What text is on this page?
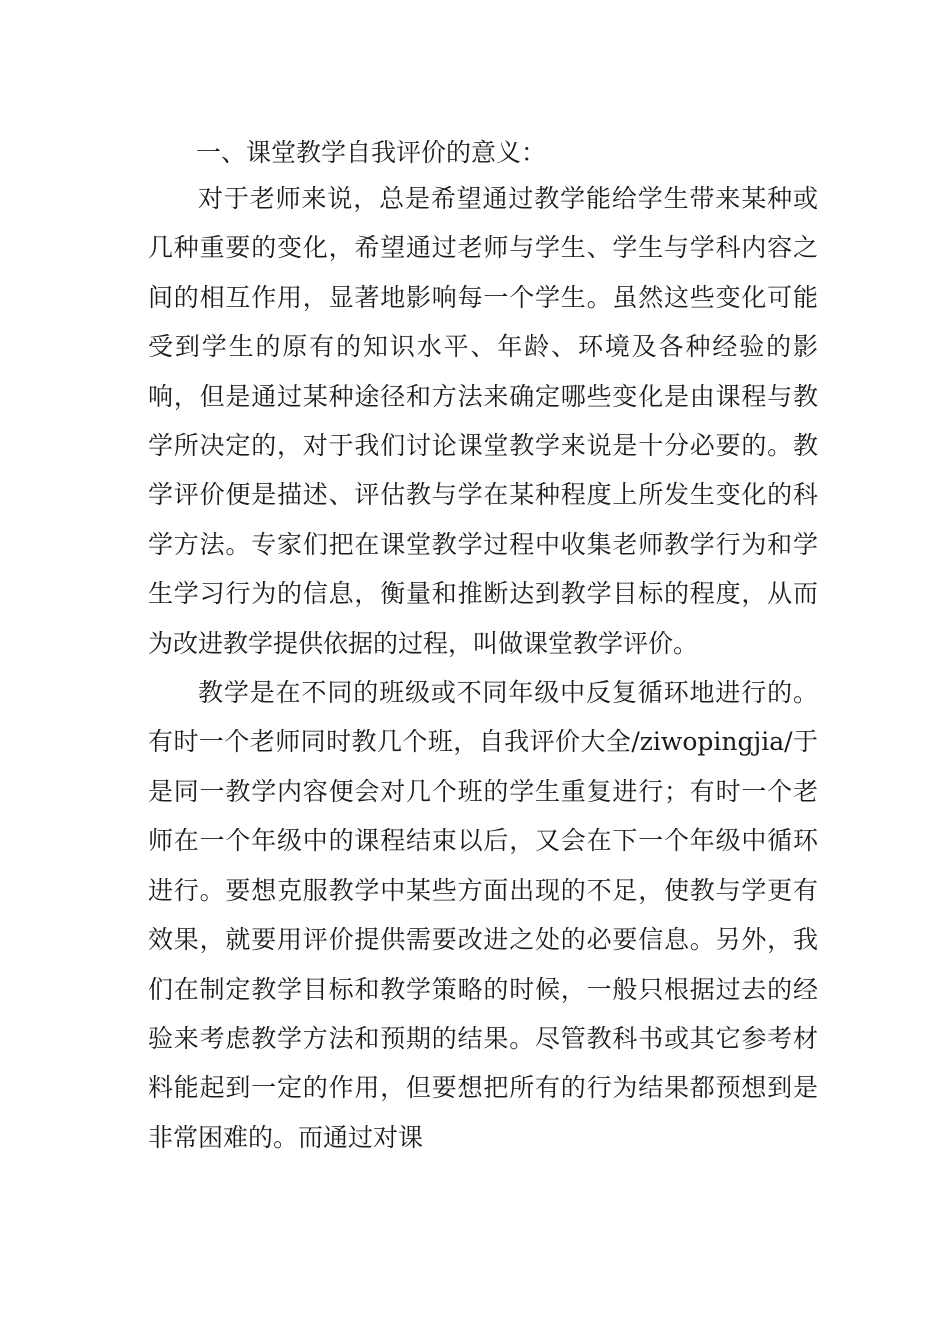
一、课堂教学自我评价的意义：

对于老师来说，总是希望通过教学能给学生带来某种或几种重要的变化，希望通过老师与学生、学生与学科内容之间的相互作用，显著地影响每一个学生。虽然这些变化可能受到学生的原有的知识水平、年龄、环境及各种经验的影响，但是通过某种途径和方法来确定哪些变化是由课程与教学所决定的，对于我们讨论课堂教学来说是十分必要的。教学评价便是描述、评估教与学在某种程度上所发生变化的科学方法。专家们把在课堂教学过程中收集老师教学行为和学生学习行为的信息，衡量和推断达到教学目标的程度，从而为改进教学提供依据的过程，叫做课堂教学评价。

教学是在不同的班级或不同年级中反复循环地进行的。有时一个老师同时教几个班，自我评价大全/ziwopingjia/于是同一教学内容便会对几个班的学生重复进行；有时一个老师在一个年级中的课程结束以后，又会在下一个年级中循环进行。要想克服教学中某些方面出现的不足，使教与学更有效果，就要用评价提供需要改进之处的必要信息。另外，我们在制定教学目标和教学策略的时候，一般只根据过去的经验来考虑教学方法和预期的结果。尽管教科书或其它参考材料能起到一定的作用，但要想把所有的行为结果都预想到是非常困难的。而通过对课
